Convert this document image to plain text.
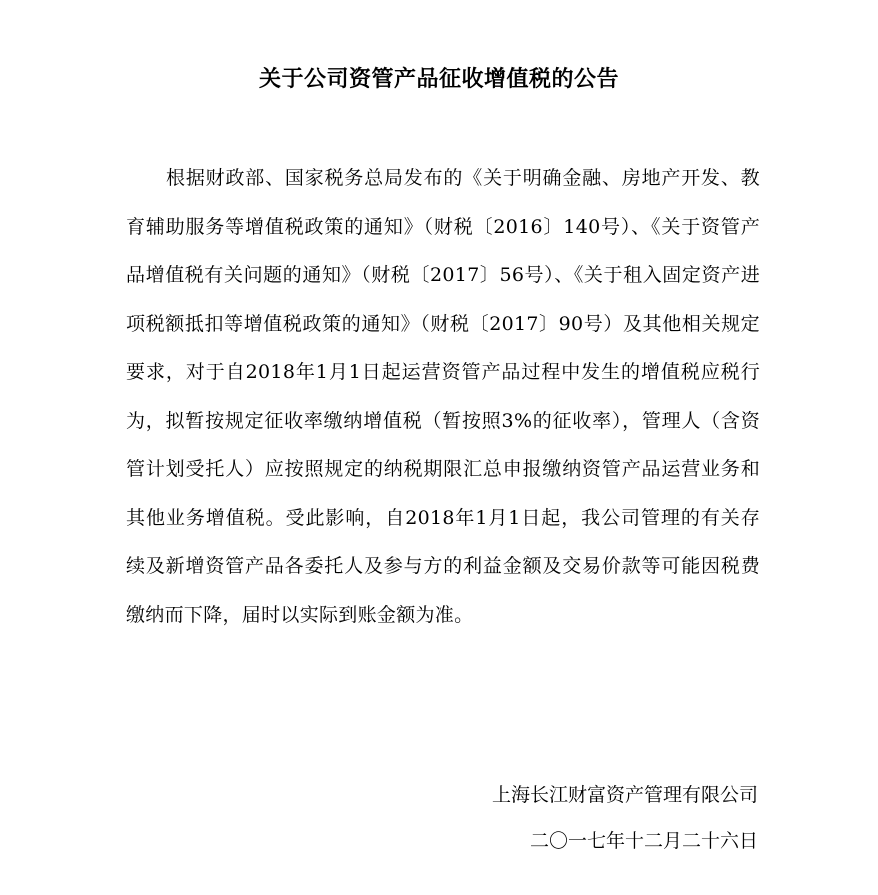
关于公司资管产品征收增值税的公告

根据财政部、国家税务总局发布的《关于明确金融、房地产开发、教育辅助服务等增值税政策的通知》（财税〔2016〕140号）、《关于资管产品增值税有关问题的通知》（财税〔2017〕56号）、《关于租入固定资产进项税额抵扣等增值税政策的通知》（财税〔2017〕90号）及其他相关规定要求，对于自2018年1月1日起运营资管产品过程中发生的增值税应税行为，拟暂按规定征收率缴纳增值税（暂按照3%的征收率），管理人（含资管计划受托人）应按照规定的纳税期限汇总申报缴纳资管产品运营业务和其他业务增值税。受此影响，自2018年1月1日起，我公司管理的有关存续及新增资管产品各委托人及参与方的利益金额及交易价款等可能因税费缴纳而下降，届时以实际到账金额为准。

上海长江财富资产管理有限公司
二〇一七年十二月二十六日
